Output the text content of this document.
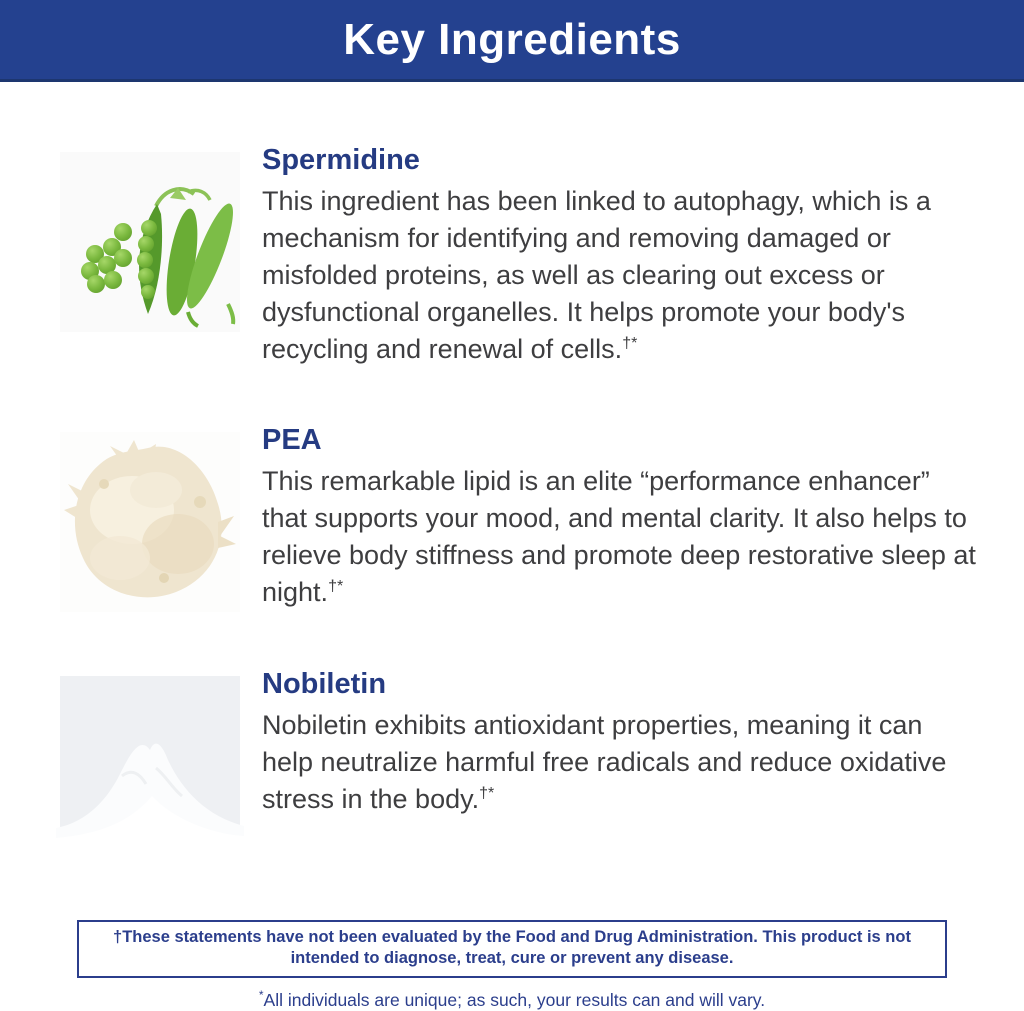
Key Ingredients
Spermidine

This ingredient has been linked to autophagy, which is a mechanism for identifying and removing damaged or misfolded proteins, as well as clearing out excess or dysfunctional organelles. It helps promote your body's recycling and renewal of cells.†*

PEA

This remarkable lipid is an elite “performance enhancer” that supports your mood, and mental clarity. It also helps to relieve body stiffness and promote deep restorative sleep at night.†*

Nobiletin

Nobiletin exhibits antioxidant properties, meaning it can help neutralize harmful free radicals and reduce oxidative stress in the body.†*

†These statements have not been evaluated by the Food and Drug Administration. This product is not intended to diagnose, treat, cure or prevent any disease.

*All individuals are unique; as such, your results can and will vary.
